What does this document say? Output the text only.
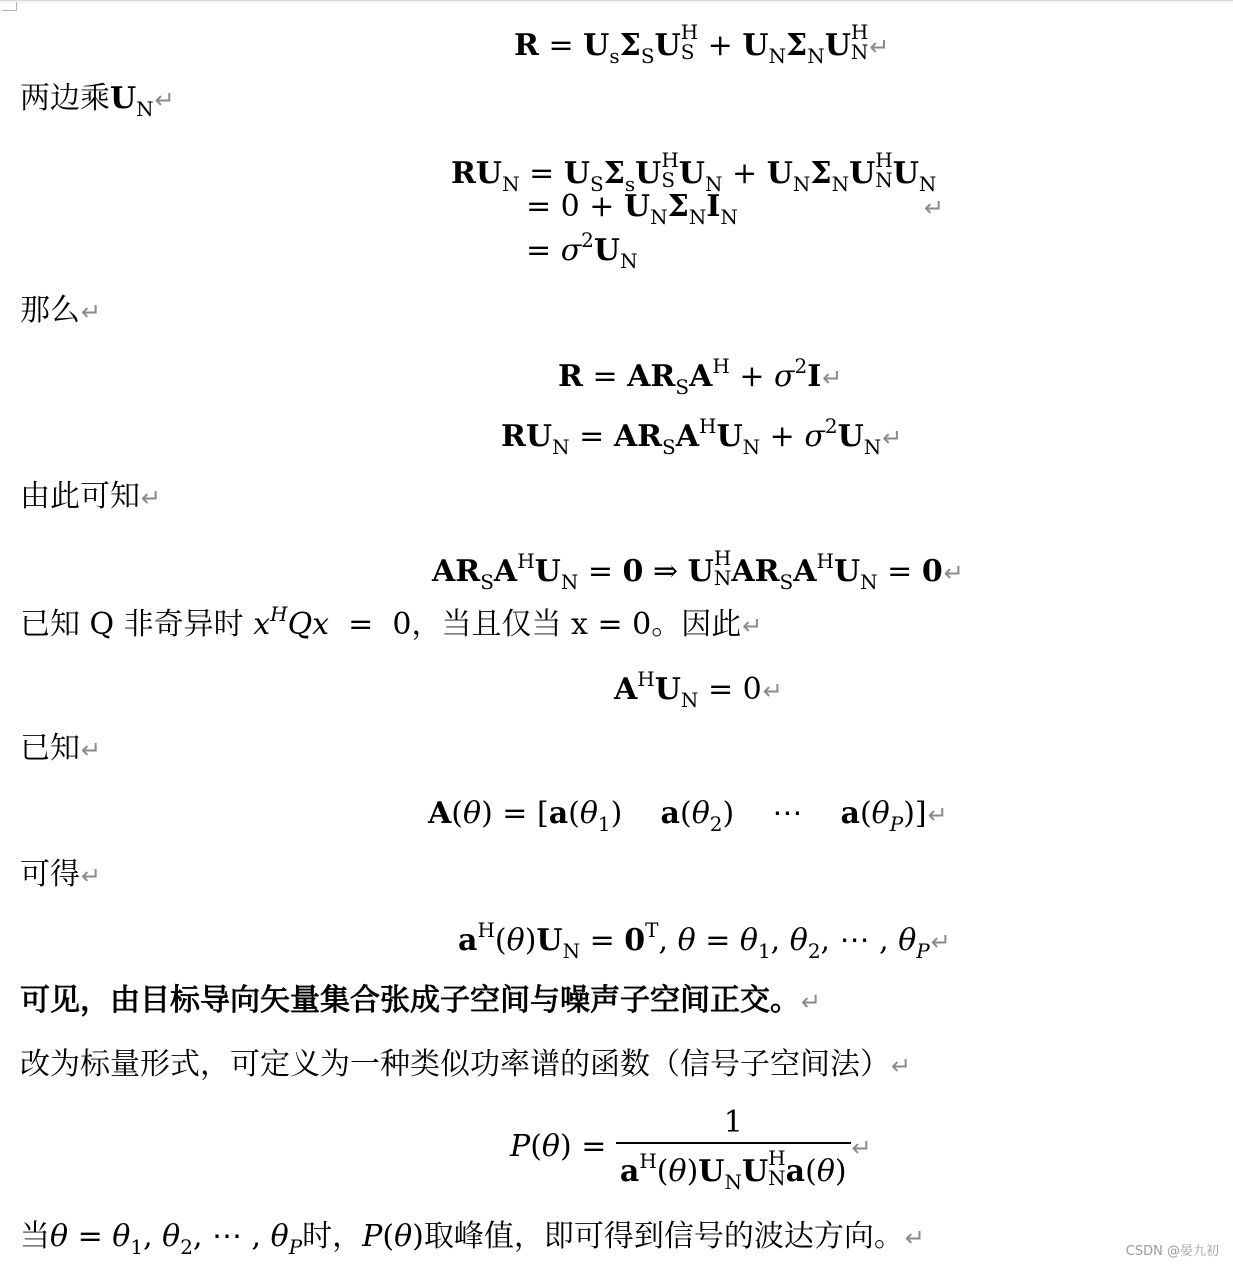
$R = U_s\Sigma_SU$ H
$S + U_N\Sigma_NU$ H
N ↵
两边乘$U_N↵$
$RU_N = U_S\Sigma_sU$ H
S $U_N + U_N\Sigma_NU$ H
N $U_N$
= $0 + U_N\Sigma_NI_N$	↵
= $\sigma^2U_N$
那么↵
$R = AR_SA^H$ + $\sigma^2I↵$
$RU_N = AR_SA^HU_N$ + $\sigma^2U_N↵$
由此可知↵
$AR_SA^HU_N = 0$ ⇒ U H
N $AR_SA^HU_N$ = 0↵
已知 Q 非奇异时 $x^HQx = 0$，当且仅当 x = 0。因此↵
$A^HU_N$ = 0↵
已知↵
$A(\theta) = [a(\theta_1)$    $a(\theta_2)$    ⋯    $a(\theta_P)]↵$
可得↵
$a^H(\theta)U_N = 0^T$, $\theta = \theta_1$, $\theta_2$, ⋯ , $\theta_P↵$
可见，由目标导向矢量集合张成子空间与噪声子空间正交。↵
改为标量形式，可定义为一种类似功率谱的函数（信号子空间法）↵
P(θ) = 1
$a^H(\theta)U_NU$ H
N a(θ) ↵
当$\theta = \theta_1$, $\theta_2$, ⋯ , $\theta_P$时，P(θ)取峰值，即可得到信号的波达方向。↵	CSDN @晏九初
